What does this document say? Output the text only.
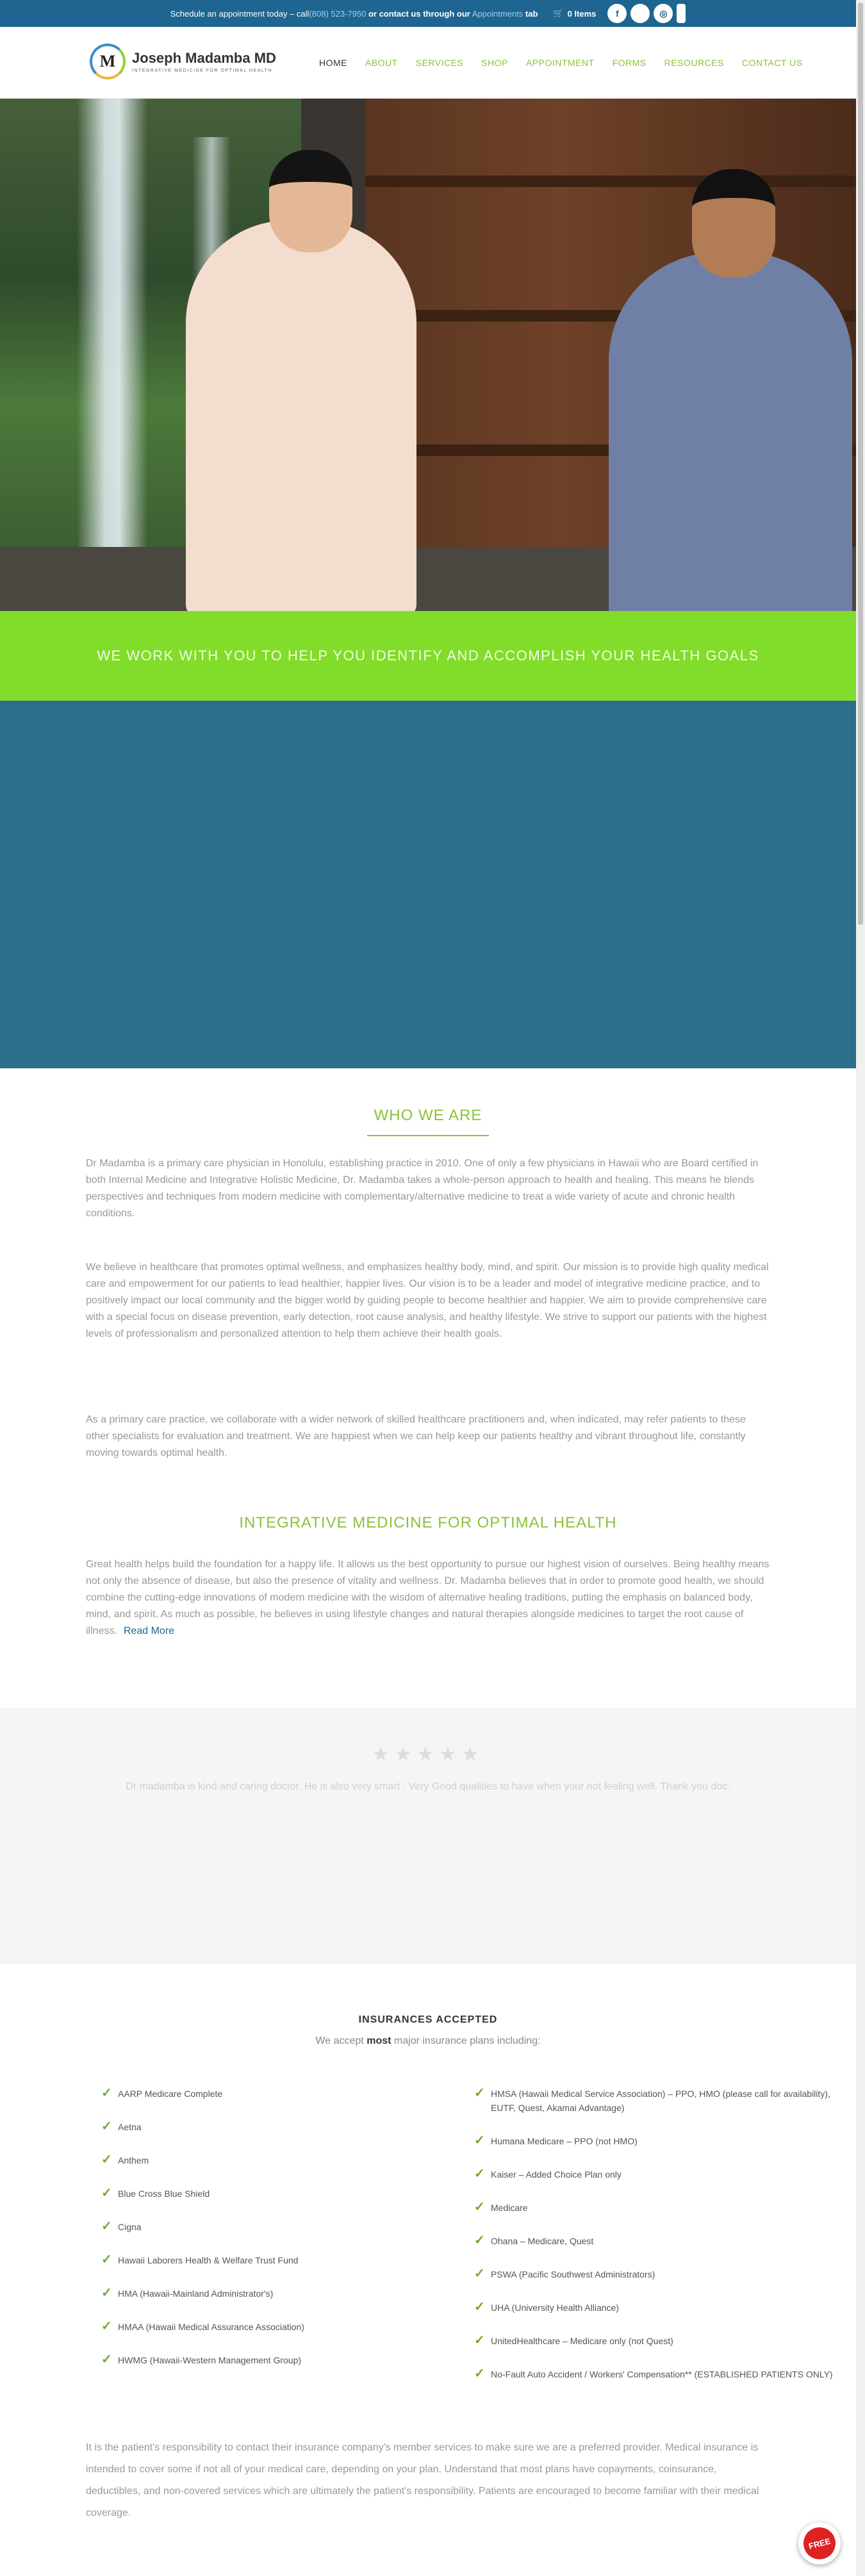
Schedule an appointment today – call(808) 523-7950 or contact us through our Appointments tab 🛒 0 Items	f	◎
M	Joseph Madamba MD
INTEGRATIVE MEDICINE FOR OPTIMAL HEALTH
HOME ABOUT SERVICES SHOP APPOINTMENT FORMS RESOURCES CONTACT US
WE WORK WITH YOU TO HELP YOU IDENTIFY AND ACCOMPLISH YOUR HEALTH GOALS
WHO WE ARE

Dr Madamba is a primary care physician in Honolulu, establishing practice in 2010. One of only a few physicians in Hawaii who are Board certified in both Internal Medicine and Integrative Holistic Medicine, Dr. Madamba takes a whole-person approach to health and healing. This means he blends perspectives and techniques from modern medicine with complementary/alternative medicine to treat a wide variety of acute and chronic health conditions.

We believe in healthcare that promotes optimal wellness, and emphasizes healthy body, mind, and spirit. Our mission is to provide high quality medical care and empowerment for our patients to lead healthier, happier lives. Our vision is to be a leader and model of integrative medicine practice, and to positively impact our local community and the bigger world by guiding people to become healthier and happier. We aim to provide comprehensive care with a special focus on disease prevention, early detection, root cause analysis, and healthy lifestyle. We strive to support our patients with the highest levels of professionalism and personalized attention to help them achieve their health goals.

As a primary care practice, we collaborate with a wider network of skilled healthcare practitioners and, when indicated, may refer patients to these other specialists for evaluation and treatment. We are happiest when we can help keep our patients healthy and vibrant throughout life, constantly moving towards optimal health.

INTEGRATIVE MEDICINE FOR OPTIMAL HEALTH

Great health helps build the foundation for a happy life. It allows us the best opportunity to pursue our highest vision of ourselves. Being healthy means not only the absence of disease, but also the presence of vitality and wellness. Dr. Madamba believes that in order to promote good health, we should combine the cutting-edge innovations of modern medicine with the wisdom of alternative healing traditions, putting the emphasis on balanced body, mind, and spirit. As much as possible, he believes in using lifestyle changes and natural therapies alongside medicines to target the root cause of illness. Read More

★★★★★

Dr madamba is kind and caring doctor. He is also very smart . Very Good qualities to have when your not feeling well. Thank you doc.

INSURANCES ACCEPTED
We accept most major insurance plans including:
✓ AARP Medicare Complete
✓ Aetna
✓ Anthem
✓ Blue Cross Blue Shield
✓ Cigna
✓ Hawaii Laborers Health & Welfare Trust Fund
✓ HMA (Hawaii-Mainland Administrator's)
✓ HMAA (Hawaii Medical Assurance Association)
✓ HWMG (Hawaii-Western Management Group)
✓ HMSA (Hawaii Medical Service Association) – PPO, HMO (please call for availability), EUTF, Quest, Akamai Advantage)
✓ Humana Medicare – PPO (not HMO)
✓ Kaiser – Added Choice Plan only
✓ Medicare
✓ Ohana – Medicare, Quest
✓ PSWA (Pacific Southwest Administrators)
✓ UHA (University Health Alliance)
✓ UnitedHealthcare – Medicare only (not Quest)
✓ No-Fault Auto Accident / Workers' Compensation** (ESTABLISHED PATIENTS ONLY)

It is the patient's responsibility to contact their insurance company's member services to make sure we are a preferred provider. Medical insurance is intended to cover some if not all of your medical care, depending on your plan. Understand that most plans have copayments, coinsurance, deductibles, and non-covered services which are ultimately the patient's responsibility. Patients are encouraged to become familiar with their medical coverage.

FREE
